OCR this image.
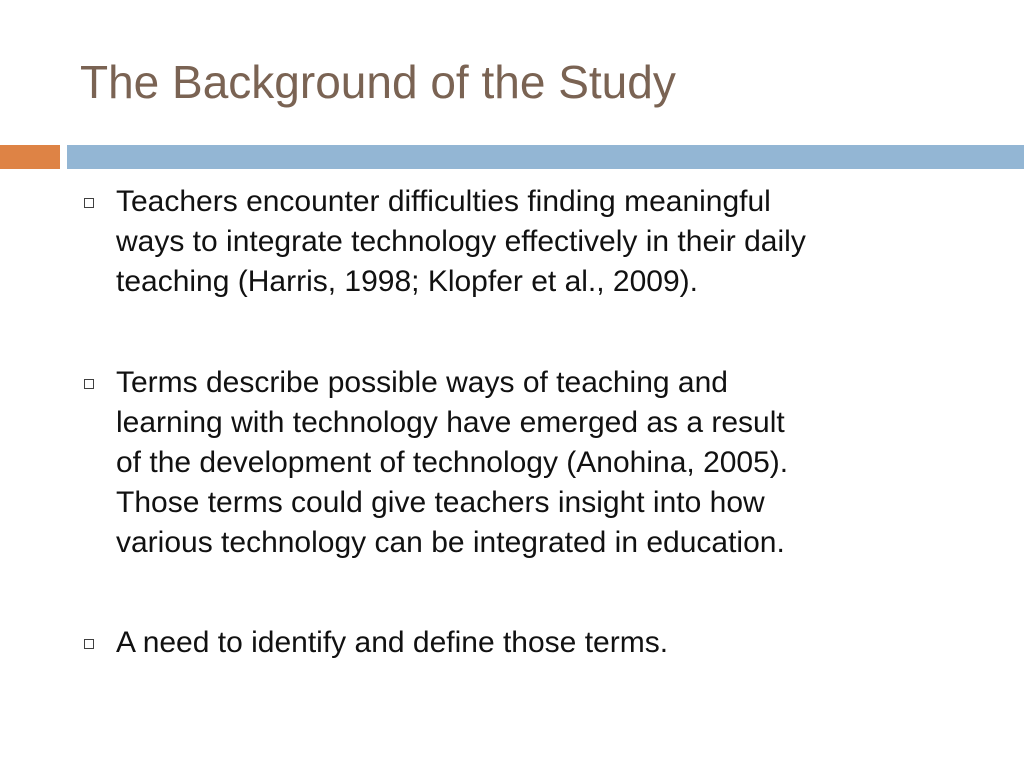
The Background of the Study

Teachers encounter difficulties finding meaningful
ways to integrate technology effectively in their daily
teaching (Harris, 1998; Klopfer et al., 2009).

Terms describe possible ways of teaching and
learning with technology have emerged as a result
of the development of technology (Anohina, 2005).
Those terms could give teachers insight into how
various technology can be integrated in education.

A need to identify and define those terms.
